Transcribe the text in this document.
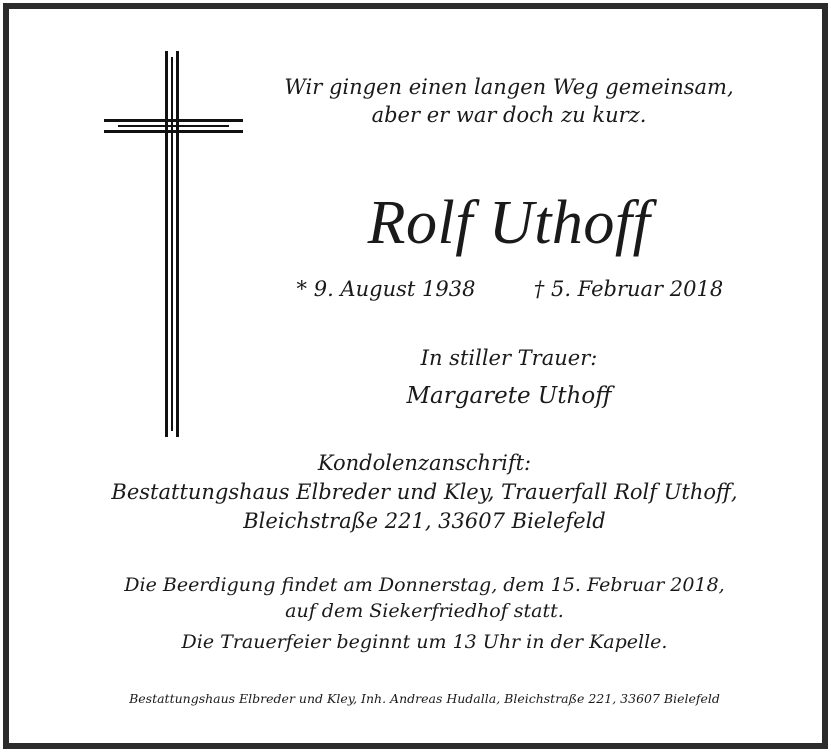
Wir gingen einen langen Weg gemeinsam,
aber er war doch zu kurz.
Rolf Uthoff
* 9. August 1938	† 5. Februar 2018
In stiller Trauer:
Margarete Uthoff
Kondolenzanschrift:
Bestattungshaus Elbreder und Kley, Trauerfall Rolf Uthoff,
Bleichstraße 221, 33607 Bielefeld
Die Beerdigung findet am Donnerstag, dem 15. Februar 2018,
auf dem Siekerfriedhof statt.
Die Trauerfeier beginnt um 13 Uhr in der Kapelle.
Bestattungshaus Elbreder und Kley, Inh. Andreas Hudalla, Bleichstraße 221, 33607 Bielefeld
